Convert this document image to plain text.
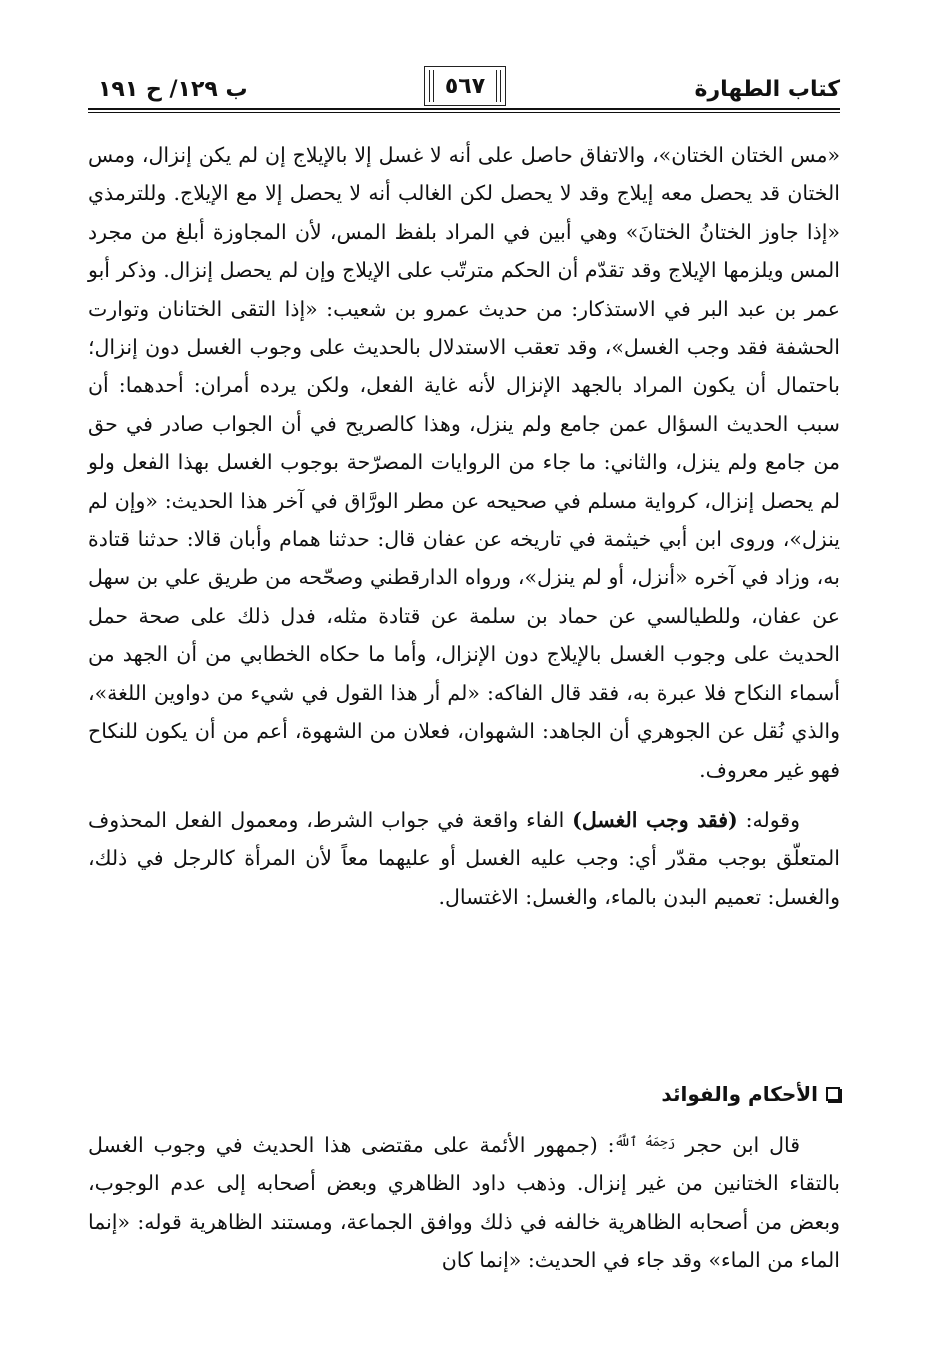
كتاب الطهارة
٥٦٧
ب ١٢٩/ ح ١٩١

«مس الختان الختان»، والاتفاق حاصل على أنه لا غسل إلا بالإيلاج إن لم يكن إنزال، ومس الختان قد يحصل معه إيلاج وقد لا يحصل لكن الغالب أنه لا يحصل إلا مع الإيلاج. وللترمذي «إذا جاوز الختانُ الختانَ» وهي أبين في المراد بلفظ المس، لأن المجاوزة أبلغ من مجرد المس ويلزمها الإيلاج وقد تقدّم أن الحكم مترتّب على الإيلاج وإن لم يحصل إنزال. وذكر أبو عمر بن عبد البر في الاستذكار: من حديث عمرو بن شعيب: «إذا التقى الختانان وتوارت الحشفة فقد وجب الغسل»، وقد تعقب الاستدلال بالحديث على وجوب الغسل دون إنزال؛ باحتمال أن يكون المراد بالجهد الإنزال لأنه غاية الفعل، ولكن يرده أمران: أحدهما: أن سبب الحديث السؤال عمن جامع ولم ينزل، وهذا كالصريح في أن الجواب صادر في حق من جامع ولم ينزل، والثاني: ما جاء من الروايات المصرّحة بوجوب الغسل بهذا الفعل ولو لم يحصل إنزال، كرواية مسلم في صحيحه عن مطر الورَّاق في آخر هذا الحديث: «وإن لم ينزل»، وروى ابن أبي خيثمة في تاريخه عن عفان قال: حدثنا همام وأبان قالا: حدثنا قتادة به، وزاد في آخره «أنزل، أو لم ينزل»، ورواه الدارقطني وصحّحه من طريق علي بن سهل عن عفان، وللطيالسي عن حماد بن سلمة عن قتادة مثله، فدل ذلك على صحة حمل الحديث على وجوب الغسل بالإيلاج دون الإنزال، وأما ما حكاه الخطابي من أن الجهد من أسماء النكاح فلا عبرة به، فقد قال الفاكه: «لم أر هذا القول في شيء من دواوين اللغة»، والذي نُقل عن الجوهري أن الجاهد: الشهوان، فعلان من الشهوة، أعم من أن يكون للنكاح فهو غير معروف.

وقوله: (فقد وجب الغسل) الفاء واقعة في جواب الشرط، ومعمول الفعل المحذوف المتعلّق بوجب مقدّر أي: وجب عليه الغسل أو عليهما معاً لأن المرأة كالرجل في ذلك، والغسل: تعميم البدن بالماء، والغسل: الاغتسال.

الأحكام والفوائد

قال ابن حجر $^{رَحِمَهُ ٱللَّهُ}$: (جمهور الأئمة على مقتضى هذا الحديث في وجوب الغسل بالتقاء الختانين من غير إنزال. وذهب داود الظاهري وبعض أصحابه إلى عدم الوجوب، وبعض من أصحابه الظاهرية خالفه في ذلك ووافق الجماعة، ومستند الظاهرية قوله: «إنما الماء من الماء» وقد جاء في الحديث: «إنما كان
